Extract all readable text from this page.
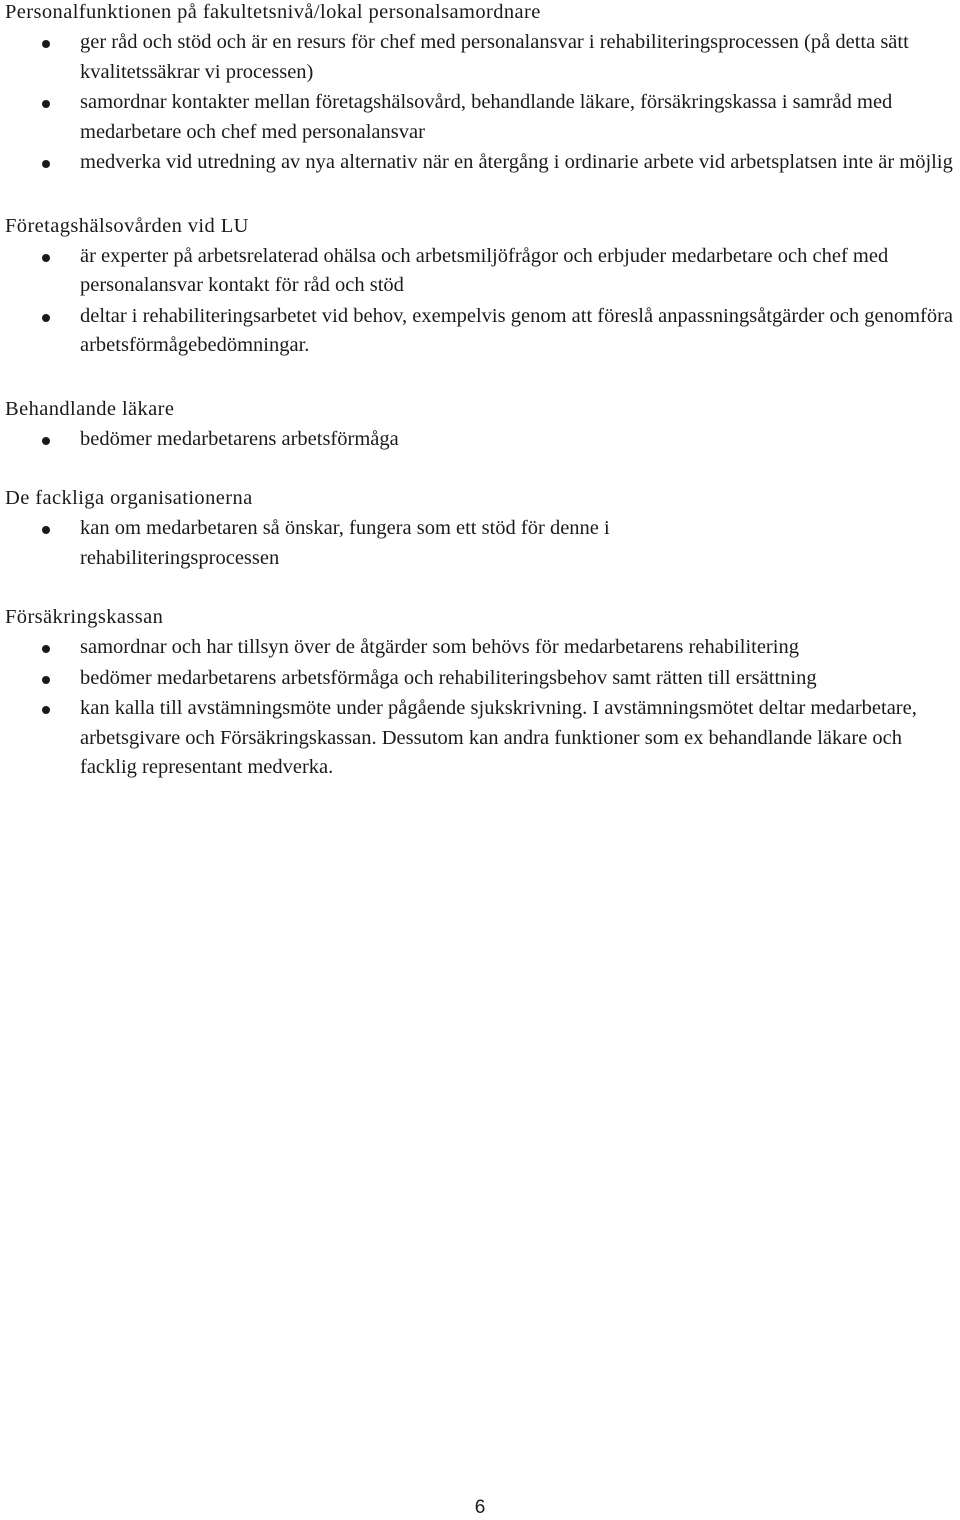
Personalfunktionen på fakultetsnivå/lokal personalsamordnare
ger råd och stöd och är en resurs för chef med personalansvar i rehabiliteringsprocessen (på detta sätt kvalitetssäkrar vi processen)
samordnar kontakter mellan företagshälsovård, behandlande läkare, försäkringskassa i samråd med medarbetare och chef med personalansvar
medverka vid utredning av nya alternativ när en återgång i ordinarie arbete vid arbetsplatsen inte är möjlig
Företagshälsovården vid LU
är experter på arbetsrelaterad ohälsa och arbetsmiljöfrågor och erbjuder medarbetare och chef med personalansvar kontakt för råd och stöd
deltar i rehabiliteringsarbetet vid behov, exempelvis genom att föreslå anpassningsåtgärder och genomföra arbetsförmågebedömningar.
Behandlande läkare
bedömer medarbetarens arbetsförmåga
De fackliga organisationerna
kan om medarbetaren så önskar, fungera som ett stöd för denne i rehabiliteringsprocessen
Försäkringskassan
samordnar och har tillsyn över de åtgärder som behövs för medarbetarens rehabilitering
bedömer medarbetarens arbetsförmåga och rehabiliteringsbehov samt rätten till ersättning
kan kalla till avstämningsmöte under pågående sjukskrivning. I avstämningsmötet deltar medarbetare, arbetsgivare och Försäkringskassan. Dessutom kan andra funktioner som ex behandlande läkare och facklig representant medverka.
6
